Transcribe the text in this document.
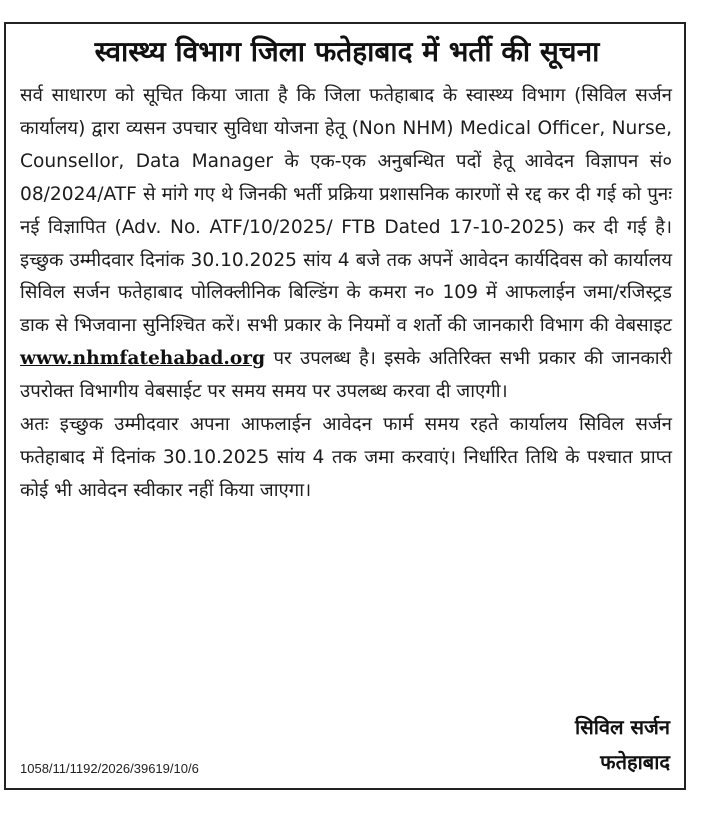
स्वास्थ्य विभाग जिला फतेहाबाद में भर्ती की सूचना

सर्व साधारण को सूचित किया जाता है कि जिला फतेहाबाद के स्वास्थ्य विभाग (सिविल सर्जन कार्यालय) द्वारा व्यसन उपचार सुविधा योजना हेतू (Non NHM) Medical Officer, Nurse, Counsellor, Data Manager के एक-एक अनुबन्धित पदों हेतू आवेदन विज्ञापन सं० 08/2024/ATF से मांगे गए थे जिनकी भर्ती प्रक्रिया प्रशासनिक कारणों से रद्द कर दी गई को पुनः नई विज्ञापित (Adv. No. ATF/10/2025/ FTB Dated 17-10-2025) कर दी गई है। इच्छुक उम्मीदवार दिनांक 30.10.2025 सांय 4 बजे तक अपनें आवेदन कार्यदिवस को कार्यालय सिविल सर्जन फतेहाबाद पोलिक्लीनिक बिल्डिंग के कमरा न० 109 में आफलाईन जमा/रजिस्ट्रड डाक से भिजवाना सुनिश्चित करें। सभी प्रकार के नियमों व शर्तो की जानकारी विभाग की वेबसाइट www.nhmfatehabad.org पर उपलब्ध है। इसके अतिरिक्त सभी प्रकार की जानकारी उपरोक्त विभागीय वेबसाईट पर समय समय पर उपलब्ध करवा दी जाएगी।

अतः इच्छुक उम्मीदवार अपना आफलाईन आवेदन फार्म समय रहते कार्यालय सिविल सर्जन फतेहाबाद में दिनांक 30.10.2025 सांय 4 तक जमा करवाएं। निर्धारित तिथि के पश्चात प्राप्त कोई भी आवेदन स्वीकार नहीं किया जाएगा।

सिविल सर्जन
फतेहाबाद
1058/11/1192/2026/39619/10/6
